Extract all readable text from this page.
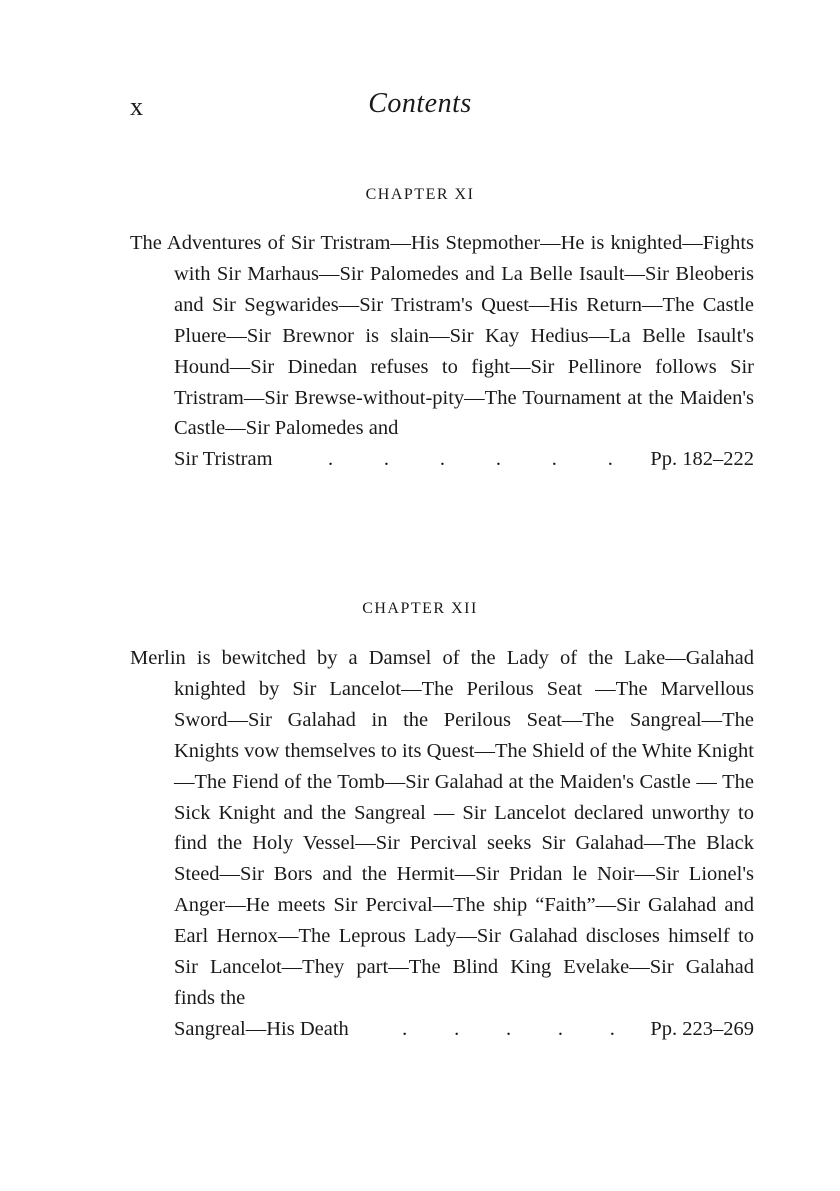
x	Contents
CHAPTER XI
The Adventures of Sir Tristram—His Stepmother—He is knighted—Fights with Sir Marhaus—Sir Palomedes and La Belle Isault—Sir Bleoberis and Sir Segwarides—Sir Tristram's Quest—His Return—The Castle Pluere—Sir Brewnor is slain—Sir Kay Hedius—La Belle Isault's Hound—Sir Dinedan refuses to fight—Sir Pellinore follows Sir Tristram—Sir Brewse-without-pity—The Tournament at the Maiden's Castle—Sir Palomedes and
Sir Tristram	. . . . . . Pp. 182–222
CHAPTER XII
Merlin is bewitched by a Damsel of the Lady of the Lake—Galahad knighted by Sir Lancelot—The Perilous Seat —The Marvellous Sword—Sir Galahad in the Perilous Seat—The Sangreal—The Knights vow themselves to its Quest—The Shield of the White Knight—The Fiend of the Tomb—Sir Galahad at the Maiden's Castle — The Sick Knight and the Sangreal — Sir Lancelot declared unworthy to find the Holy Vessel—Sir Percival seeks Sir Galahad—The Black Steed—Sir Bors and the Hermit—Sir Pridan le Noir—Sir Lionel's Anger—He meets Sir Percival—The ship “Faith”—Sir Galahad and Earl Hernox—The Leprous Lady—Sir Galahad discloses himself to Sir Lancelot—They part—The Blind King Evelake—Sir Galahad finds the
Sangreal—His Death	. . . . . Pp. 223–269
